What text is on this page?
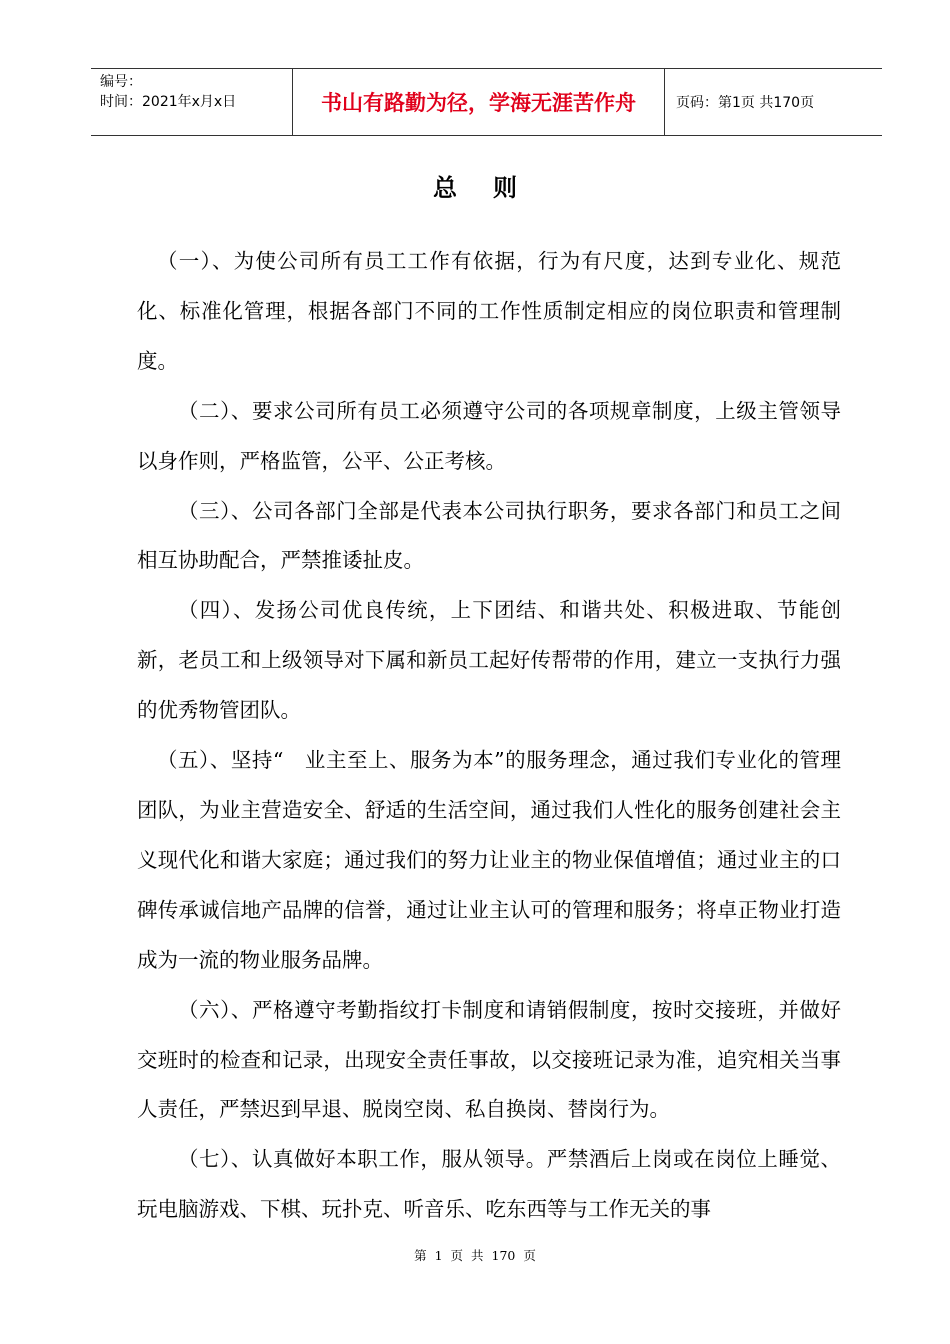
编号：
时间：2021年x月x日	书山有路勤为径，学海无涯苦作舟	页码：第1页 共170页
总则

（一）、为使公司所有员工工作有依据，行为有尺度，达到专业化、规范化、标准化管理，根据各部门不同的工作性质制定相应的岗位职责和管理制度。

（二）、要求公司所有员工必须遵守公司的各项规章制度，上级主管领导以身作则，严格监管，公平、公正考核。

（三）、公司各部门全部是代表本公司执行职务，要求各部门和员工之间相互协助配合，严禁推诿扯皮。

（四）、发扬公司优良传统，上下团结、和谐共处、积极进取、节能创新，老员工和上级领导对下属和新员工起好传帮带的作用，建立一支执行力强的优秀物管团队。

（五）、坚持“　业主至上、服务为本”的服务理念，通过我们专业化的管理团队，为业主营造安全、舒适的生活空间，通过我们人性化的服务创建社会主义现代化和谐大家庭；通过我们的努力让业主的物业保值增值；通过业主的口碑传承诚信地产品牌的信誉，通过让业主认可的管理和服务；将卓正物业打造成为一流的物业服务品牌。

（六）、严格遵守考勤指纹打卡制度和请销假制度，按时交接班，并做好交班时的检查和记录，出现安全责任事故，以交接班记录为准，追究相关当事人责任，严禁迟到早退、脱岗空岗、私自换岗、替岗行为。

（七）、认真做好本职工作，服从领导。严禁酒后上岗或在岗位上睡觉、玩电脑游戏、下棋、玩扑克、听音乐、吃东西等与工作无关的事

第 1 页 共 170 页
